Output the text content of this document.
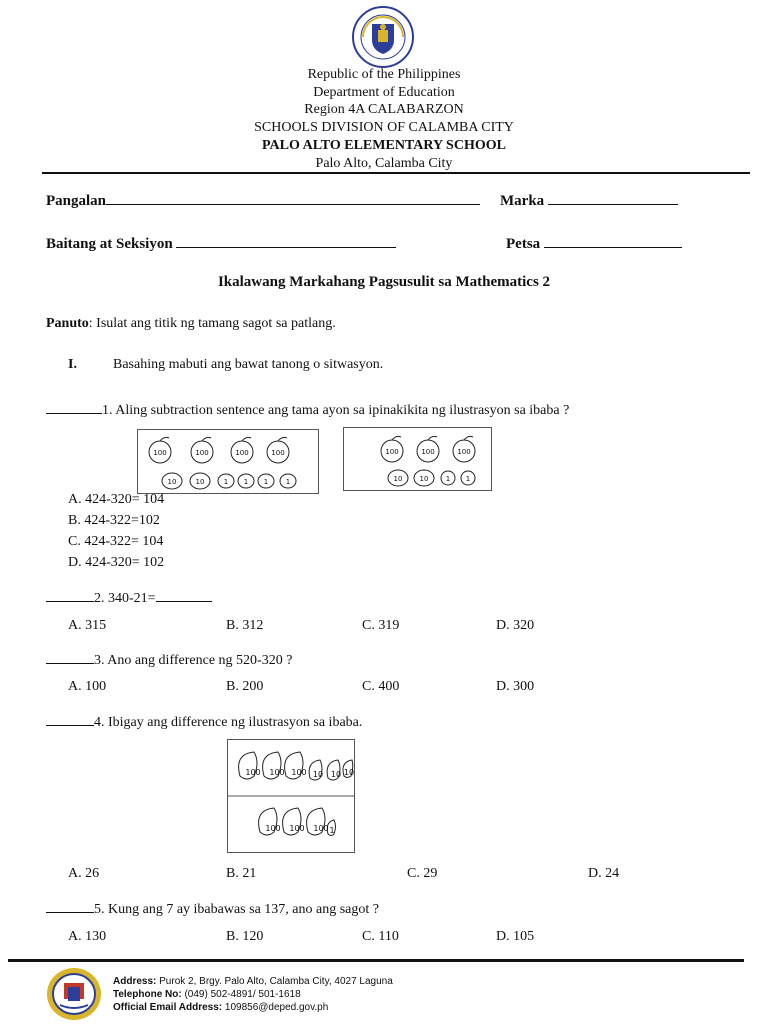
Republic of the Philippines
Department of Education
Region 4A CALABARZON
SCHOOLS DIVISION OF CALAMBA CITY
PALO ALTO ELEMENTARY SCHOOL
Palo Alto, Calamba City
Pangalan	Marka
Baitang at Seksiyon	Petsa
Ikalawang Markahang Pagsusulit sa Mathematics 2
Panuto: Isulat ang titik ng tamang sagot sa patlang.
I.	Basahing mabuti ang bawat tanong o sitwasyon.
1. Aling subtraction sentence ang tama ayon sa ipinakikita ng ilustrasyon sa ibaba ?
100	100	100	100
10	10	1 1 1	1
100	100	100
10 10 1 1
A. 424-320= 104
B. 424-322=102
C. 424-322= 104
D. 424-320= 102
2. 340-21=
A. 315	B. 312	C. 319	D. 320
3. Ano ang difference ng 520-320 ?
A. 100	B. 200	C. 400	D. 300
4. Ibigay ang difference ng ilustrasyon sa ibaba.
100 100 100 10 10 10
100 100 100 1
A. 26	B. 21	C. 29	D. 24
5. Kung ang 7 ay ibabawas sa 137, ano ang sagot ?
A. 130	B. 120	C. 110	D. 105
Address: Purok 2, Brgy. Palo Alto, Calamba City, 4027 Laguna
Telephone No: (049) 502-4891/ 501-1618
Official Email Address: 109856@deped.gov.ph
